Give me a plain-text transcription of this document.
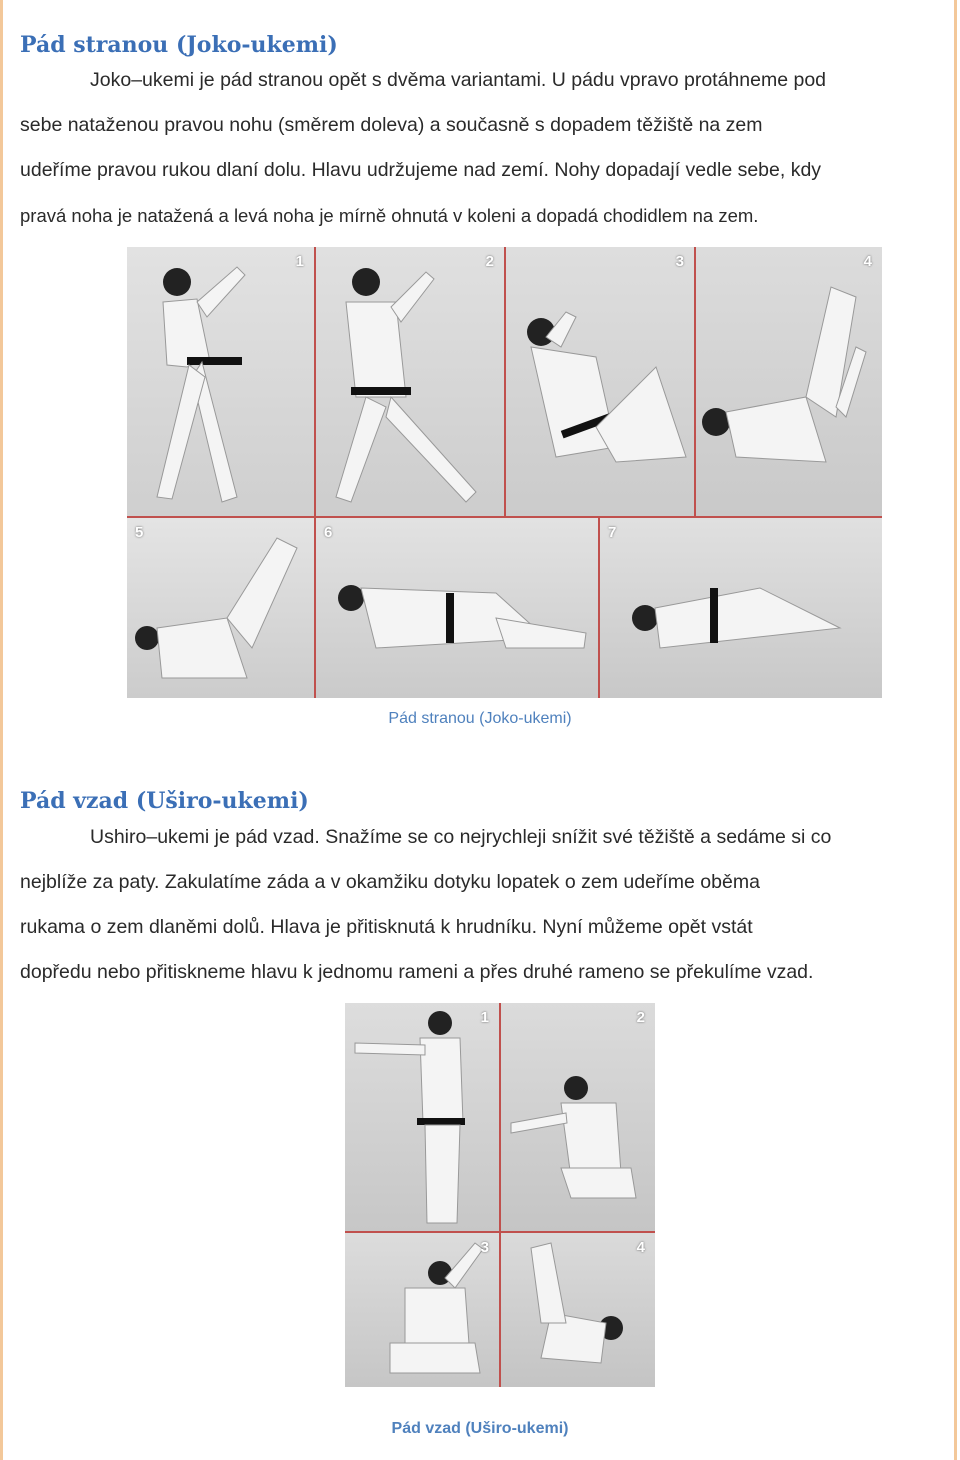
Pád stranou (Joko-ukemi)
Joko–ukemi je pád stranou opět s dvěma variantami. U pádu vpravo protáhneme pod
sebe nataženou pravou nohu (směrem doleva) a současně s dopadem těžiště na zem
udeříme pravou rukou dlaní dolu. Hlavu udržujeme nad zemí. Nohy dopadají vedle sebe, kdy
pravá noha je natažená a levá noha je mírně ohnutá v koleni a dopadá chodidlem na zem.
1	2	3	4
5	6	7
Pád stranou (Joko-ukemi)
Pád vzad (Uširo-ukemi)
Ushiro–ukemi je pád vzad. Snažíme se co nejrychleji snížit své těžiště a sedáme si co
nejblíže za paty. Zakulatíme záda a v okamžiku dotyku lopatek o zem udeříme oběma
rukama o zem dlaněmi dolů. Hlava je přitisknutá k hrudníku. Nyní můžeme opět vstát
dopředu nebo přitiskneme hlavu k jednomu rameni a přes druhé rameno se překulíme vzad.
1	2
3	4
Pád vzad (Uširo-ukemi)
